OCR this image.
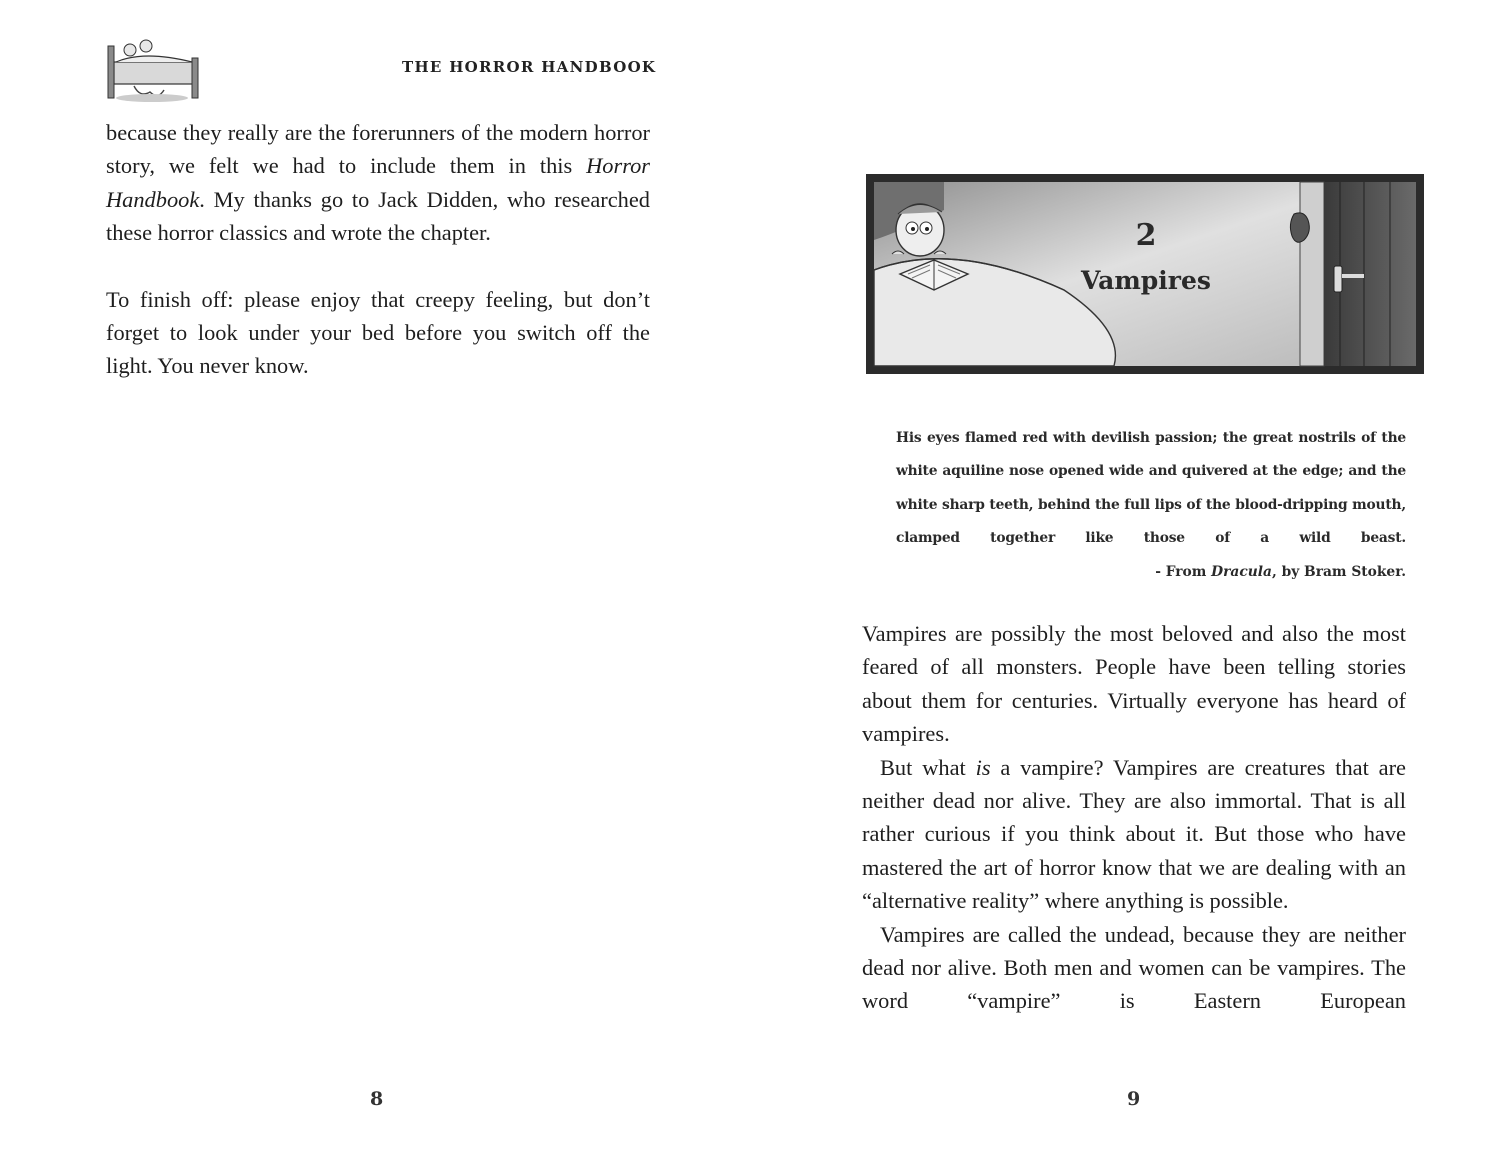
THE HORROR HANDBOOK

because they really are the forerunners of the modern horror story, we felt we had to include them in this Horror Handbook. My thanks go to Jack Didden, who researched these horror classics and wrote the chapter.

To finish off: please enjoy that creepy feeling, but don’t forget to look under your bed before you switch off the light. You never know.

8
2
Vampires
His eyes flamed red with devilish passion; the great nostrils of the white aquiline nose opened wide and quivered at the edge; and the white sharp teeth, behind the full lips of the blood-dripping mouth, clamped together like those of a wild beast.
- From Dracula, by Bram Stoker.

Vampires are possibly the most beloved and also the most feared of all monsters. People have been telling stories about them for centuries. Virtually everyone has heard of vampires.

But what is a vampire? Vampires are creatures that are neither dead nor alive. They are also immortal. That is all rather curious if you think about it. But those who have mastered the art of horror know that we are dealing with an “alternative reality” where anything is possible.

Vampires are called the undead, because they are neither dead nor alive. Both men and women can be vampires. The word “vampire” is Eastern European

9
